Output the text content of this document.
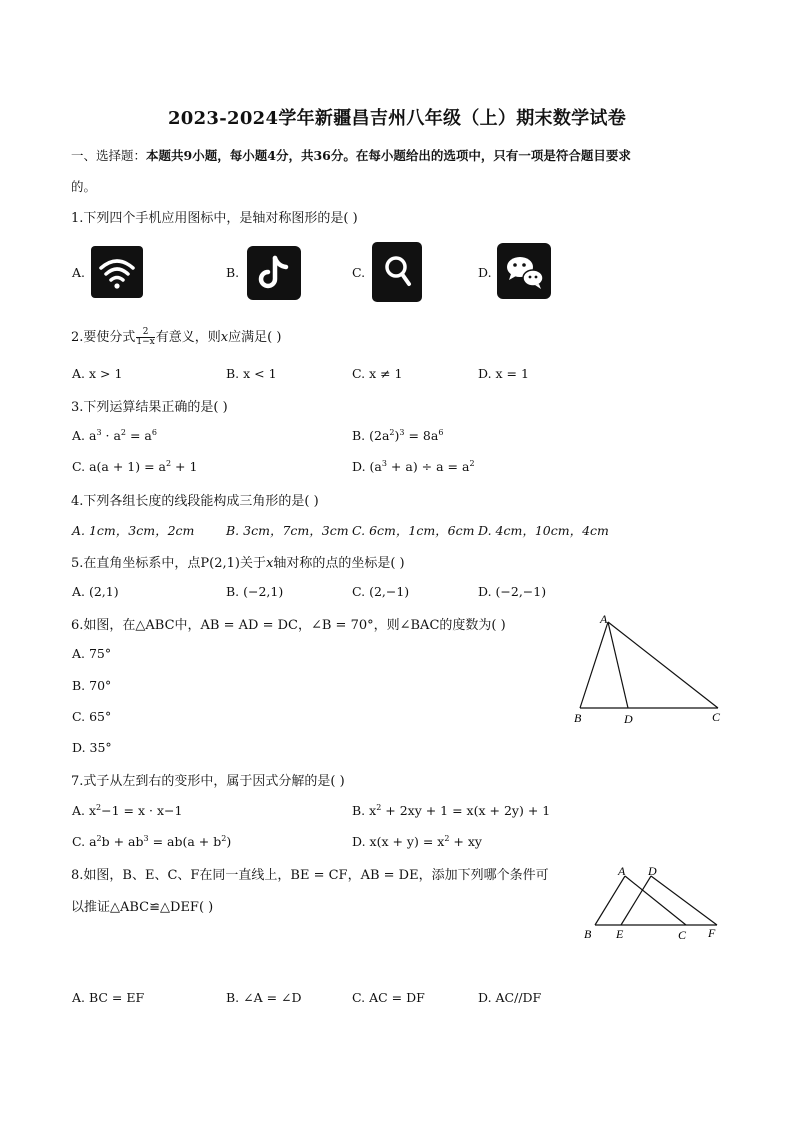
2023-2024学年新疆昌吉州八年级（上）期末数学试卷
一、选择题：本题共9小题，每小题4分，共36分。在每小题给出的选项中，只有一项是符合题目要求
的。
1.下列四个手机应用图标中，是轴对称图形的是( )
A.	B.	C.	D.
2.要使分式 $\frac{2}{1-x}$ 有意义，则x应满足( )
A. x > 1	B. x < 1	C. x ≠ 1	D. x = 1
3.下列运算结果正确的是( )
A. $a^3 \cdot a^2 = a^6$	B. $(2a^2)^3 = 8a^6$
C. $a(a + 1) = a^2 + 1$	D. $(a^3 + a) \div a = a^2$
4.下列各组长度的线段能构成三角形的是( )
A. 1cm，3cm，2cm	B. 3cm，7cm，3cm C. 6cm，1cm，6cm D. 4cm，10cm，4cm
5.在直角坐标系中，点P(2,1)关于x轴对称的点的坐标是( )
A. (2,1)	B. (−2,1)	C. (2,−1)	D. (−2,−1)
6.如图，在△ABC中，AB = AD = DC，∠B = 70°，则∠BAC的度数为( )
A. 75°
B. 70°
C. 65°
D. 35°
A
B	D	C
7.式子从左到右的变形中，属于因式分解的是( )
A. $x^2-1 = x \cdot x-1$	B. $x^2 + 2xy + 1 = x(x + 2y) + 1$
C. $a^2b + ab^3 = ab(a + b^2)$	D. $x(x + y) = x^2$ + xy
8.如图，B、E、C、F在同一直线上，BE = CF，AB = DE，添加下列哪个条件可
以推证△ABC≌△DEF( )
A D
B E	C F
A. BC = EF	B. ∠A = ∠D	C. AC = DF	D. AC//DF
